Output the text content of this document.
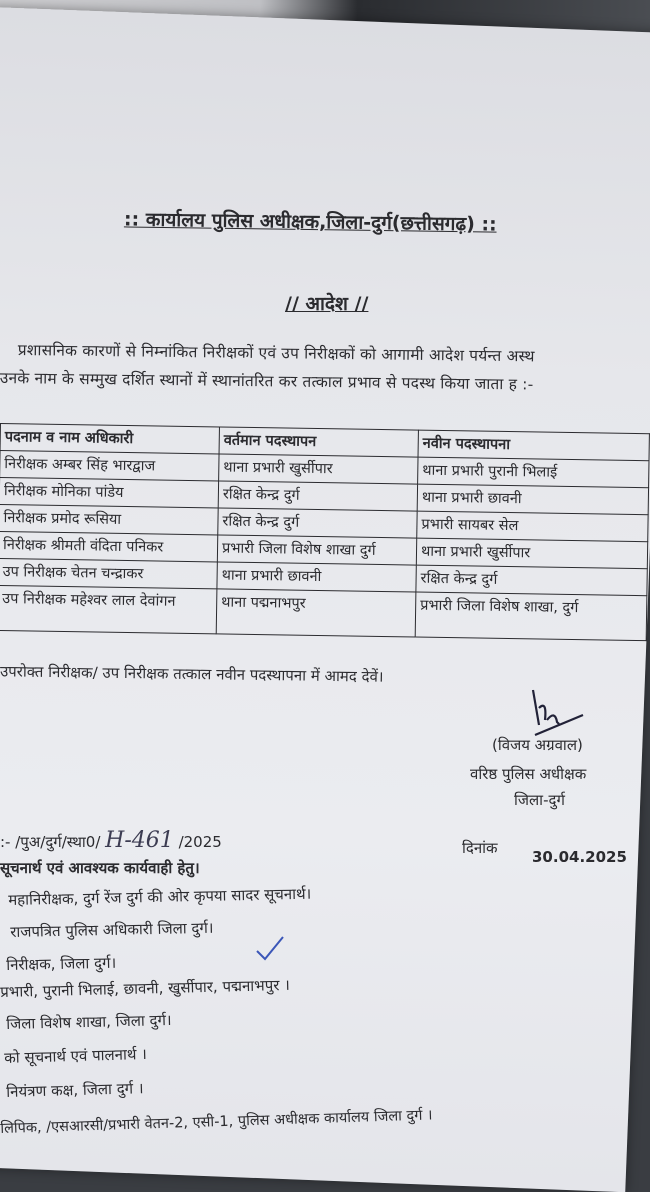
:: कार्यालय पुलिस अधीक्षक,जिला-दुर्ग(छत्तीसगढ़) ::
// आदेश //
प्रशासनिक कारणों से निम्नांकित निरीक्षकों एवं उप निरीक्षकों को आगामी आदेश पर्यन्त अस्थ
उनके नाम के सम्मुख दर्शित स्थानों में स्थानांतरित कर तत्काल प्रभाव से पदस्थ किया जाता ह :-
पदनाम व नाम अधिकारी	वर्तमान पदस्थापन	नवीन पदस्थापना
निरीक्षक अम्बर सिंह भारद्वाज	थाना प्रभारी खुर्सीपार	थाना प्रभारी पुरानी भिलाई
निरीक्षक मोनिका पांडेय	रक्षित केन्द्र दुर्ग	थाना प्रभारी छावनी
निरीक्षक प्रमोद रूसिया	रक्षित केन्द्र दुर्ग	प्रभारी सायबर सेल
निरीक्षक श्रीमती वंदिता पनिकर	प्रभारी जिला विशेष शाखा दुर्ग	थाना प्रभारी खुर्सीपार
उप निरीक्षक चेतन चन्द्राकर	थाना प्रभारी छावनी	रक्षित केन्द्र दुर्ग
उप निरीक्षक महेश्वर लाल देवांगन	थाना पद्मनाभपुर	प्रभारी जिला विशेष शाखा, दुर्ग
उपरोक्त निरीक्षक/ उप निरीक्षक तत्काल नवीन पदस्थापना में आमद देवें।
(विजय अग्रवाल)
वरिष्ठ पुलिस अधीक्षक
जिला-दुर्ग
:- /पुअ/दुर्ग/स्था0/ H-461 /2025	दिनांक 30.04.2025
सूचनार्थ एवं आवश्यक कार्यवाही हेतु।
महानिरीक्षक, दुर्ग रेंज दुर्ग की ओर कृपया सादर सूचनार्थ।
राजपत्रित पुलिस अधिकारी जिला दुर्ग।
निरीक्षक, जिला दुर्ग।
प्रभारी, पुरानी भिलाई, छावनी, खुर्सीपार, पद्मनाभपुर ।
जिला विशेष शाखा, जिला दुर्ग।
को सूचनार्थ एवं पालनार्थ ।
नियंत्रण कक्ष, जिला दुर्ग ।
लिपिक, /एसआरसी/प्रभारी वेतन-2, एसी-1, पुलिस अधीक्षक कार्यालय जिला दुर्ग ।
